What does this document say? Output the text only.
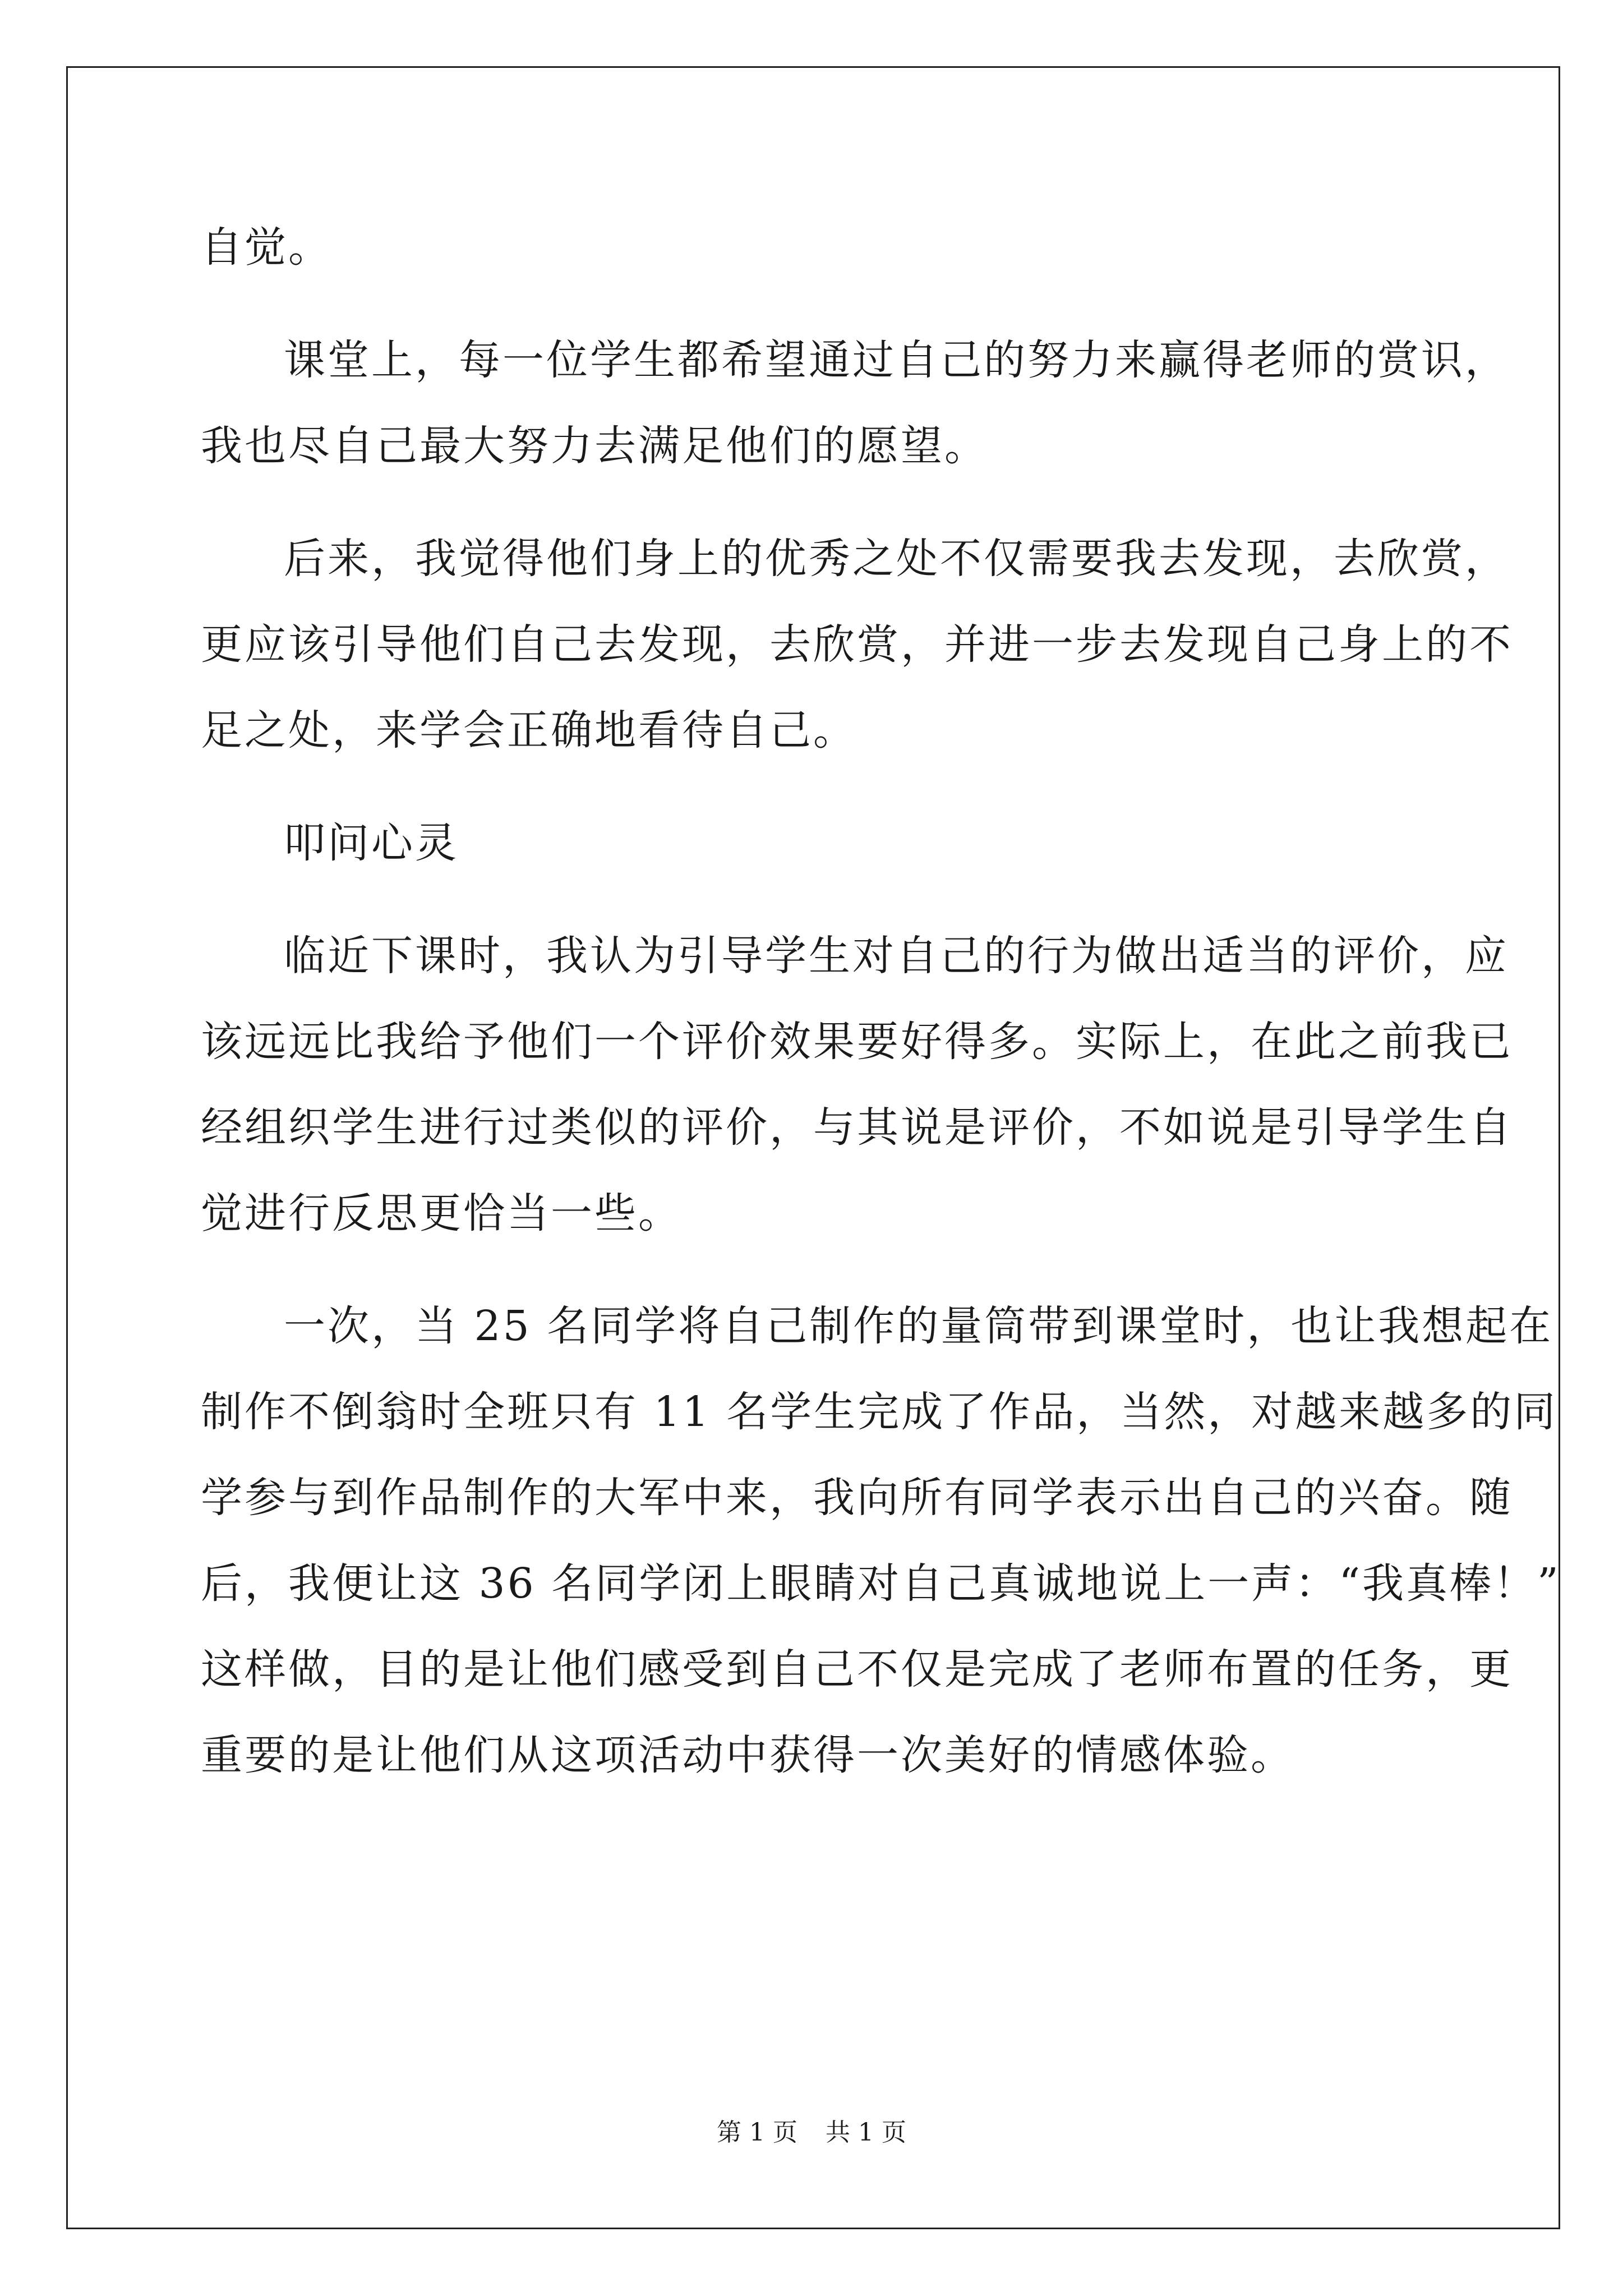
自觉。
课堂上，每一位学生都希望通过自己的努力来赢得老师的赏识，
我也尽自己最大努力去满足他们的愿望。
后来，我觉得他们身上的优秀之处不仅需要我去发现，去欣赏，
更应该引导他们自己去发现，去欣赏，并进一步去发现自己身上的不
足之处，来学会正确地看待自己。
叩问心灵
临近下课时，我认为引导学生对自己的行为做出适当的评价，应
该远远比我给予他们一个评价效果要好得多。实际上，在此之前我已
经组织学生进行过类似的评价，与其说是评价，不如说是引导学生自
觉进行反思更恰当一些。
一次，当 25 名同学将自己制作的量筒带到课堂时，也让我想起在
制作不倒翁时全班只有 11 名学生完成了作品，当然，对越来越多的同
学参与到作品制作的大军中来，我向所有同学表示出自己的兴奋。随
后，我便让这 36 名同学闭上眼睛对自己真诚地说上一声：“我真棒！”
这样做，目的是让他们感受到自己不仅是完成了老师布置的任务，更
重要的是让他们从这项活动中获得一次美好的情感体验。
第 1 页 共 1 页
